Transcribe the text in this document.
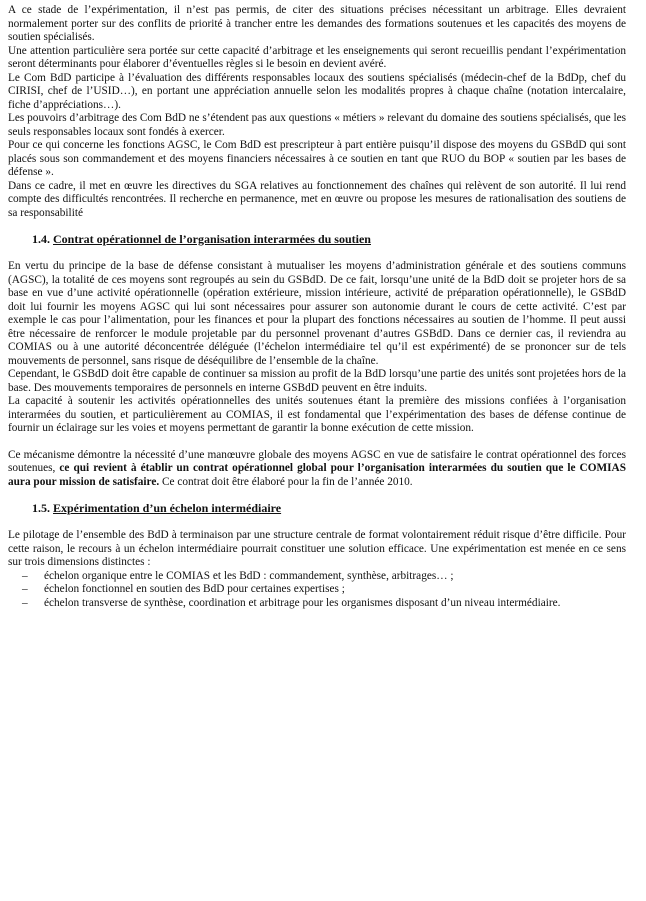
A ce stade de l’expérimentation, il n’est pas permis, de citer des situations précises nécessitant un arbitrage. Elles devraient normalement porter sur des conflits de priorité à trancher entre les demandes des formations soutenues et les capacités des moyens de soutien spécialisés.

Une attention particulière sera portée sur cette capacité d’arbitrage et les enseignements qui seront recueillis pendant l’expérimentation seront déterminants pour élaborer d’éventuelles règles si le besoin en devient avéré.

Le Com BdD participe à l’évaluation des différents responsables locaux des soutiens spécialisés (médecin-chef de la BdDp, chef du CIRISI, chef de l’USID…), en portant une appréciation annuelle selon les modalités propres à chaque chaîne (notation intercalaire, fiche d’appréciations…).

Les pouvoirs d’arbitrage des Com BdD ne s’étendent pas aux questions « métiers » relevant du domaine des soutiens spécialisés, que les seuls responsables locaux sont fondés à exercer.

Pour ce qui concerne les fonctions AGSC, le Com BdD est prescripteur à part entière puisqu’il dispose des moyens du GSBdD qui sont placés sous son commandement et des moyens financiers nécessaires à ce soutien en tant que RUO du BOP « soutien par les bases de défense ».

Dans ce cadre, il met en œuvre les directives du SGA relatives au fonctionnement des chaînes qui relèvent de son autorité. Il lui rend compte des difficultés rencontrées. Il recherche en permanence, met en œuvre ou propose les mesures de rationalisation des soutiens de sa responsabilité

1.4. Contrat opérationnel de l’organisation interarmées du soutien

En vertu du principe de la base de défense consistant à mutualiser les moyens d’administration générale et des soutiens communs (AGSC), la totalité de ces moyens sont regroupés au sein du GSBdD. De ce fait, lorsqu’une unité de la BdD doit se projeter hors de sa base en vue d’une activité opérationnelle (opération extérieure, mission intérieure, activité de préparation opérationnelle), le GSBdD doit lui fournir les moyens AGSC qui lui sont nécessaires pour assurer son autonomie durant le cours de cette activité. C’est par exemple le cas pour l’alimentation, pour les finances et pour la plupart des fonctions nécessaires au soutien de l’homme. Il peut aussi être nécessaire de renforcer le module projetable par du personnel provenant d’autres GSBdD. Dans ce dernier cas, il reviendra au COMIAS ou à une autorité déconcentrée déléguée (l’échelon intermédiaire tel qu’il est expérimenté) de se prononcer sur de tels mouvements de personnel, sans risque de déséquilibre de l’ensemble de la chaîne.

Cependant, le GSBdD doit être capable de continuer sa mission au profit de la BdD lorsqu’une partie des unités sont projetées hors de la base. Des mouvements temporaires de personnels en interne GSBdD peuvent en être induits.

La capacité à soutenir les activités opérationnelles des unités soutenues étant la première des missions confiées à l’organisation interarmées du soutien, et particulièrement au COMIAS, il est fondamental que l’expérimentation des bases de défense continue de fournir un éclairage sur les voies et moyens permettant de garantir la bonne exécution de cette mission.

Ce mécanisme démontre la nécessité d’une manœuvre globale des moyens AGSC en vue de satisfaire le contrat opérationnel des forces soutenues, ce qui revient à établir un contrat opérationnel global pour l’organisation interarmées du soutien que le COMIAS aura pour mission de satisfaire. Ce contrat doit être élaboré pour la fin de l’année 2010.

1.5. Expérimentation d’un échelon intermédiaire

Le pilotage de l’ensemble des BdD à terminaison par une structure centrale de format volontairement réduit risque d’être difficile. Pour cette raison, le recours à un échelon intermédiaire pourrait constituer une solution efficace. Une expérimentation est menée en ce sens sur trois dimensions distinctes :

– échelon organique entre le COMIAS et les BdD : commandement, synthèse, arbitrages… ;
– échelon fonctionnel en soutien des BdD pour certaines expertises ;
– échelon transverse de synthèse, coordination et arbitrage pour les organismes disposant d’un niveau intermédiaire.
